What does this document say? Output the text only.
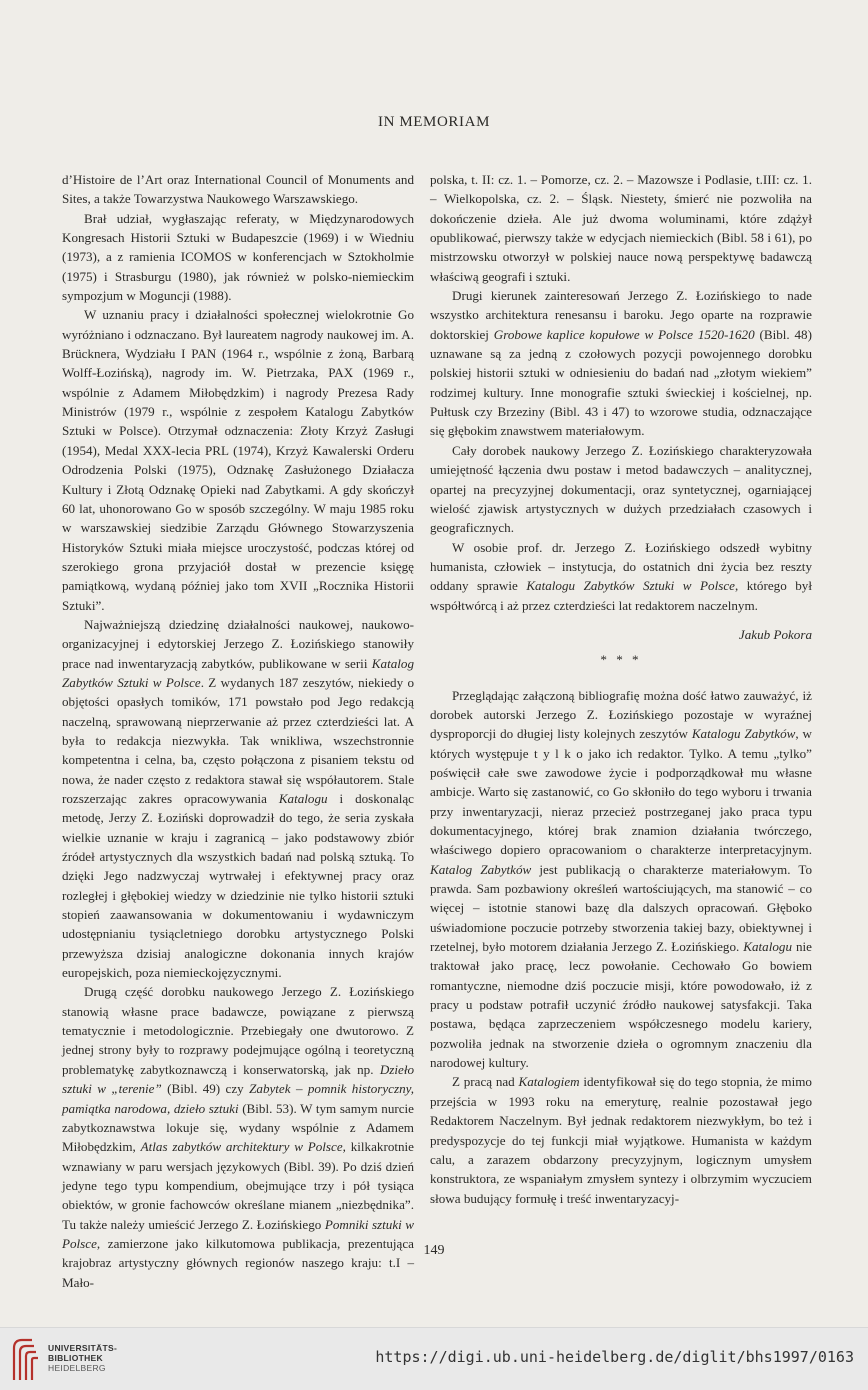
IN MEMORIAM

d’Histoire de l’Art oraz International Council of Monuments and Sites, a także Towarzystwa Naukowego Warszawskiego.

Brał udział, wygłaszając referaty, w Międzynarodowych Kongresach Historii Sztuki w Budapeszcie (1969) i w Wiedniu (1973), a z ramienia ICOMOS w konferencjach w Sztokholmie (1975) i Strasburgu (1980), jak również w polsko-niemieckim sympozjum w Moguncji (1988).

W uznaniu pracy i działalności społecznej wielokrotnie Go wyróżniano i odznaczano. Był laureatem nagrody naukowej im. A. Brücknera, Wydziału I PAN (1964 r., wspólnie z żoną, Barbarą Wolff-Łozińską), nagrody im. W. Pietrzaka, PAX (1969 r., wspólnie z Adamem Miłobędzkim) i nagrody Prezesa Rady Ministrów (1979 r., wspólnie z zespołem Katalogu Zabytków Sztuki w Polsce). Otrzymał odznaczenia: Złoty Krzyż Zasługi (1954), Medal XXX-lecia PRL (1974), Krzyż Kawalerski Orderu Odrodzenia Polski (1975), Odznakę Zasłużonego Działacza Kultury i Złotą Odznakę Opieki nad Zabytkami. A gdy skończył 60 lat, uhonorowano Go w sposób szczególny. W maju 1985 roku w warszawskiej siedzibie Zarządu Głównego Stowarzyszenia Historyków Sztuki miała miejsce uroczystość, podczas której od szerokiego grona przyjaciół dostał w prezencie księgę pamiątkową, wydaną później jako tom XVII „Rocznika Historii Sztuki”.

Najważniejszą dziedzinę działalności naukowej, naukowo-organizacyjnej i edytorskiej Jerzego Z. Łozińskiego stanowiły prace nad inwentaryzacją zabytków, publikowane w serii Katalog Zabytków Sztuki w Polsce. Z wydanych 187 zeszytów, niekiedy o objętości opasłych tomików, 171 powstało pod Jego redakcją naczelną, sprawowaną nieprzerwanie aż przez czterdzieści lat. A była to redakcja niezwykła. Tak wnikliwa, wszechstronnie kompetentna i celna, ba, często połączona z pisaniem tekstu od nowa, że nader często z redaktora stawał się współautorem. Stale rozszerzając zakres opracowywania Katalogu i doskonaląc metodę, Jerzy Z. Łoziński doprowadził do tego, że seria zyskała wielkie uznanie w kraju i zagranicą – jako podstawowy zbiór źródeł artystycznych dla wszystkich badań nad polską sztuką. To dzięki Jego nadzwyczaj wytrwałej i efektywnej pracy oraz rozległej i głębokiej wiedzy w dziedzinie nie tylko historii sztuki stopień zaawansowania w dokumentowaniu i wydawniczym udostępnianiu tysiącletniego dorobku artystycznego Polski przewyższa dzisiaj analogiczne dokonania innych krajów europejskich, poza niemieckojęzycznymi.

Drugą część dorobku naukowego Jerzego Z. Łozińskiego stanowią własne prace badawcze, powiązane z pierwszą tematycznie i metodologicznie. Przebiegały one dwutorowo. Z jednej strony były to rozprawy podejmujące ogólną i teoretyczną problematykę zabytkoznawczą i konserwatorską, jak np. Dzieło sztuki w „terenie” (Bibl. 49) czy Zabytek – pomnik historyczny, pamiątka narodowa, dzieło sztuki (Bibl. 53). W tym samym nurcie zabytkoznawstwa lokuje się, wydany wspólnie z Adamem Miłobędzkim, Atlas zabytków architektury w Polsce, kilkakrotnie wznawiany w paru wersjach językowych (Bibl. 39). Po dziś dzień jedyne tego typu kompendium, obejmujące trzy i pół tysiąca obiektów, w gronie fachowców określane mianem „niezbędnika”. Tu także należy umieścić Jerzego Z. Łozińskiego Pomniki sztuki w Polsce, zamierzone jako kilkutomowa publikacja, prezentująca krajobraz artystyczny głównych regionów naszego kraju: t.I – Mało-

polska, t. II: cz. 1. – Pomorze, cz. 2. – Mazowsze i Podlasie, t.III: cz. 1. – Wielkopolska, cz. 2. – Śląsk. Niestety, śmierć nie pozwoliła na dokończenie dzieła. Ale już dwoma woluminami, które zdążył opublikować, pierwszy także w edycjach niemieckich (Bibl. 58 i 61), po mistrzowsku otworzył w polskiej nauce nową perspektywę badawczą właściwą geografi i sztuki.

Drugi kierunek zainteresowań Jerzego Z. Łozińskiego to nade wszystko architektura renesansu i baroku. Jego oparte na rozprawie doktorskiej Grobowe kaplice kopułowe w Polsce 1520-1620 (Bibl. 48) uznawane są za jedną z czołowych pozycji powojennego dorobku polskiej historii sztuki w odniesieniu do badań nad „złotym wiekiem” rodzimej kultury. Inne monografie sztuki świeckiej i kościelnej, np. Pułtusk czy Brzeziny (Bibl. 43 i 47) to wzorowe studia, odznaczające się głębokim znawstwem materiałowym.

Cały dorobek naukowy Jerzego Z. Łozińskiego charakteryzowała umiejętność łączenia dwu postaw i metod badawczych – analitycznej, opartej na precyzyjnej dokumentacji, oraz syntetycznej, ogarniającej wielość zjawisk artystycznych w dużych przedziałach czasowych i geograficznych.

W osobie prof. dr. Jerzego Z. Łozińskiego odszedł wybitny humanista, człowiek – instytucja, do ostatnich dni życia bez reszty oddany sprawie Katalogu Zabytków Sztuki w Polsce, którego był współtwórcą i aż przez czterdzieści lat redaktorem naczelnym.

Jakub Pokora

* * *

Przeglądając załączoną bibliografię można dość łatwo zauważyć, iż dorobek autorski Jerzego Z. Łozińskiego pozostaje w wyraźnej dysproporcji do długiej listy kolejnych zeszytów Katalogu Zabytków, w których występuje t y l k o jako ich redaktor. Tylko. A temu „tylko” poświęcił całe swe zawodowe życie i podporządkował mu własne ambicje. Warto się zastanowić, co Go skłoniło do tego wyboru i trwania przy inwentaryzacji, nieraz przecież postrzeganej jako praca typu dokumentacyjnego, której brak znamion działania twórczego, właściwego dopiero opracowaniom o charakterze interpretacyjnym. Katalog Zabytków jest publikacją o charakterze materiałowym. To prawda. Sam pozbawiony określeń wartościujących, ma stanowić – co więcej – istotnie stanowi bazę dla dalszych opracowań. Głęboko uświadomione poczucie potrzeby stworzenia takiej bazy, obiektywnej i rzetelnej, było motorem działania Jerzego Z. Łozińskiego. Katalogu nie traktował jako pracę, lecz powołanie. Cechowało Go bowiem romantyczne, niemodne dziś poczucie misji, które powodowało, iż z pracy u podstaw potrafił uczynić źródło naukowej satysfakcji. Taka postawa, będąca zaprzeczeniem współczesnego modelu kariery, pozwoliła jednak na stworzenie dzieła o ogromnym znaczeniu dla narodowej kultury.

Z pracą nad Katalogiem identyfikował się do tego stopnia, że mimo przejścia w 1993 roku na emeryturę, realnie pozostawał jego Redaktorem Naczelnym. Był jednak redaktorem niezwykłym, bo też i predyspozycje do tej funkcji miał wyjątkowe. Humanista w każdym calu, a zarazem obdarzony precyzyjnym, logicznym umysłem konstruktora, ze wspaniałym zmysłem syntezy i olbrzymim wyczuciem słowa budujący formułę i treść inwentaryzacyj-

149
UNIVERSITÄTS-
BIBLIOTHEK
HEIDELBERG
https://digi.ub.uni-heidelberg.de/diglit/bhs1997/0163
